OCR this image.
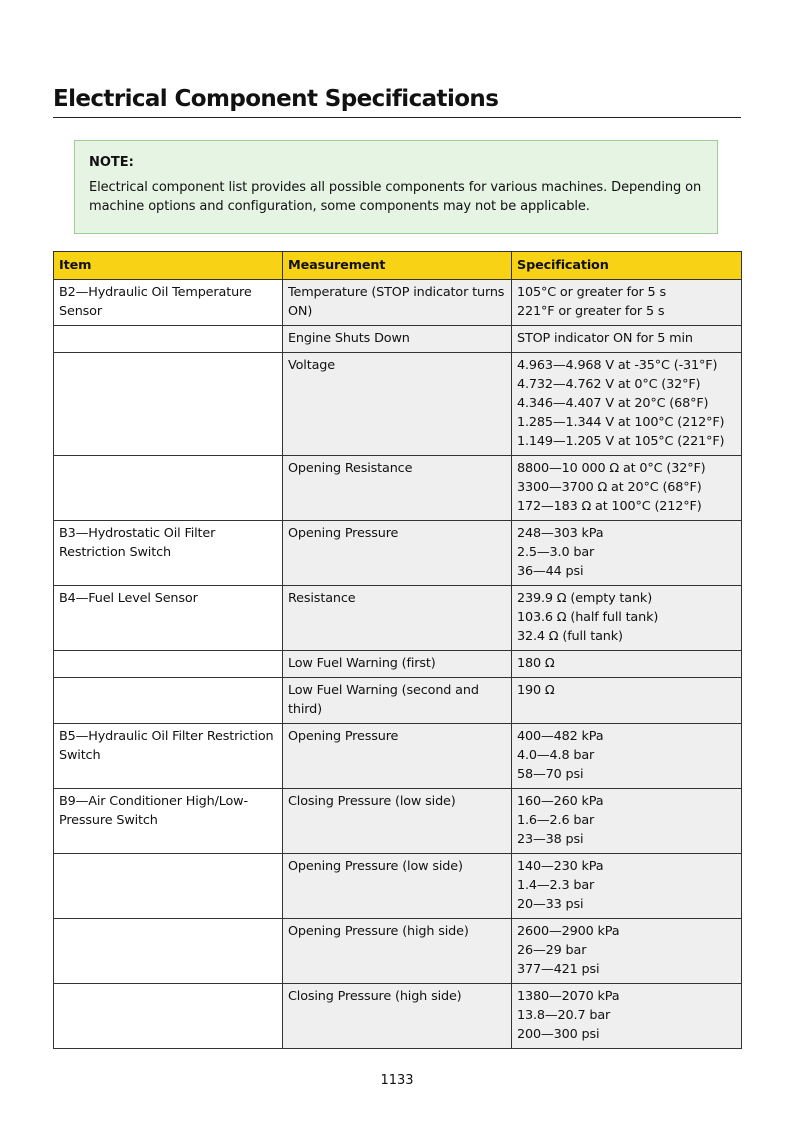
Electrical Component Specifications
NOTE:
Electrical component list provides all possible components for various machines. Depending on machine options and configuration, some components may not be applicable.
Item	Measurement	Specification
B2—Hydraulic Oil Temperature Sensor	Temperature (STOP indicator turns ON)	105°C or greater for 5 s
221°F or greater for 5 s

	Engine Shuts Down	STOP indicator ON for 5 min

	Voltage	4.963—4.968 V at -35°C (-31°F)
4.732—4.762 V at 0°C (32°F)
4.346—4.407 V at 20°C (68°F)
1.285—1.344 V at 100°C (212°F)
1.149—1.205 V at 105°C (221°F)

	Opening Resistance	8800—10 000 Ω at 0°C (32°F)
3300—3700 Ω at 20°C (68°F)
172—183 Ω at 100°C (212°F)

B3—Hydrostatic Oil Filter Restriction Switch	Opening Pressure	248—303 kPa
2.5—3.0 bar
36—44 psi

B4—Fuel Level Sensor	Resistance	239.9 Ω (empty tank)
103.6 Ω (half full tank)
32.4 Ω (full tank)

	Low Fuel Warning (first)	180 Ω

	Low Fuel Warning (second and third)	190 Ω

B5—Hydraulic Oil Filter Restriction Switch	Opening Pressure	400—482 kPa
4.0—4.8 bar
58—70 psi

B9—Air Conditioner High/Low-Pressure Switch	Closing Pressure (low side)	160—260 kPa
1.6—2.6 bar
23—38 psi

	Opening Pressure (low side)	140—230 kPa
1.4—2.3 bar
20—33 psi

	Opening Pressure (high side)	2600—2900 kPa
26—29 bar
377—421 psi

	Closing Pressure (high side)	1380—2070 kPa
13.8—20.7 bar
200—300 psi
1133
